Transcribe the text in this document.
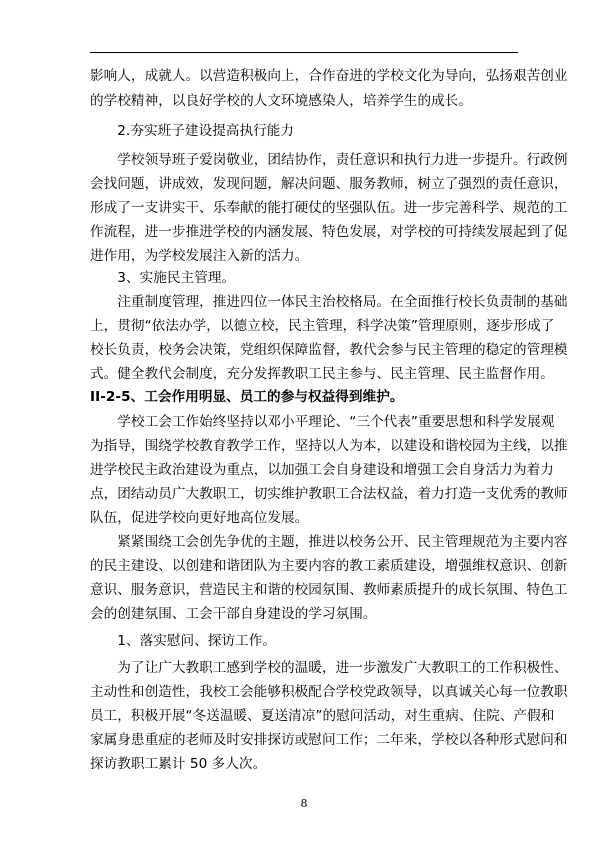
影响人，成就人。以营造积极向上，合作奋进的学校文化为导向，弘扬艰苦创业
的学校精神，以良好学校的人文环境感染人，培养学生的成长。
　　2.夯实班子建设提高执行能力
　　学校领导班子爱岗敬业，团结协作，责任意识和执行力进一步提升。行政例
会找问题，讲成效，发现问题，解决问题、服务教师，树立了强烈的责任意识，
形成了一支讲实干、乐奉献的能打硬仗的坚强队伍。进一步完善科学、规范的工
作流程，进一步推进学校的内涵发展、特色发展，对学校的可持续发展起到了促
进作用，为学校发展注入新的活力。
　　3、实施民主管理。
　　注重制度管理，推进四位一体民主治校格局。在全面推行校长负责制的基础
上，贯彻“依法办学，以德立校，民主管理，科学决策”管理原则，逐步形成了
校长负责，校务会决策，党组织保障监督，教代会参与民主管理的稳定的管理模
式。健全教代会制度，充分发挥教职工民主参与、民主管理、民主监督作用。
II-2-5、工会作用明显、员工的参与权益得到维护。
　　学校工会工作始终坚持以邓小平理论、“三个代表”重要思想和科学发展观
为指导，围绕学校教育教学工作，坚持以人为本，以建设和谐校园为主线，以推
进学校民主政治建设为重点，以加强工会自身建设和增强工会自身活力为着力
点，团结动员广大教职工，切实维护教职工合法权益，着力打造一支优秀的教师
队伍，促进学校向更好地高位发展。
　　紧紧围绕工会创先争优的主题，推进以校务公开、民主管理规范为主要内容
的民主建设、以创建和谐团队为主要内容的教工素质建设，增强维权意识、创新
意识、服务意识，营造民主和谐的校园氛围、教师素质提升的成长氛围、特色工
会的创建氛围、工会干部自身建设的学习氛围。
　　1、落实慰问、探访工作。
　　为了让广大教职工感到学校的温暖，进一步激发广大教职工的工作积极性、
主动性和创造性，我校工会能够积极配合学校党政领导，以真诚关心每一位教职
员工，积极开展“冬送温暖、夏送清凉”的慰问活动，对生重病、住院、产假和
家属身患重症的老师及时安排探访或慰问工作；二年来，学校以各种形式慰问和
探访教职工累计 50 多人次。
8
